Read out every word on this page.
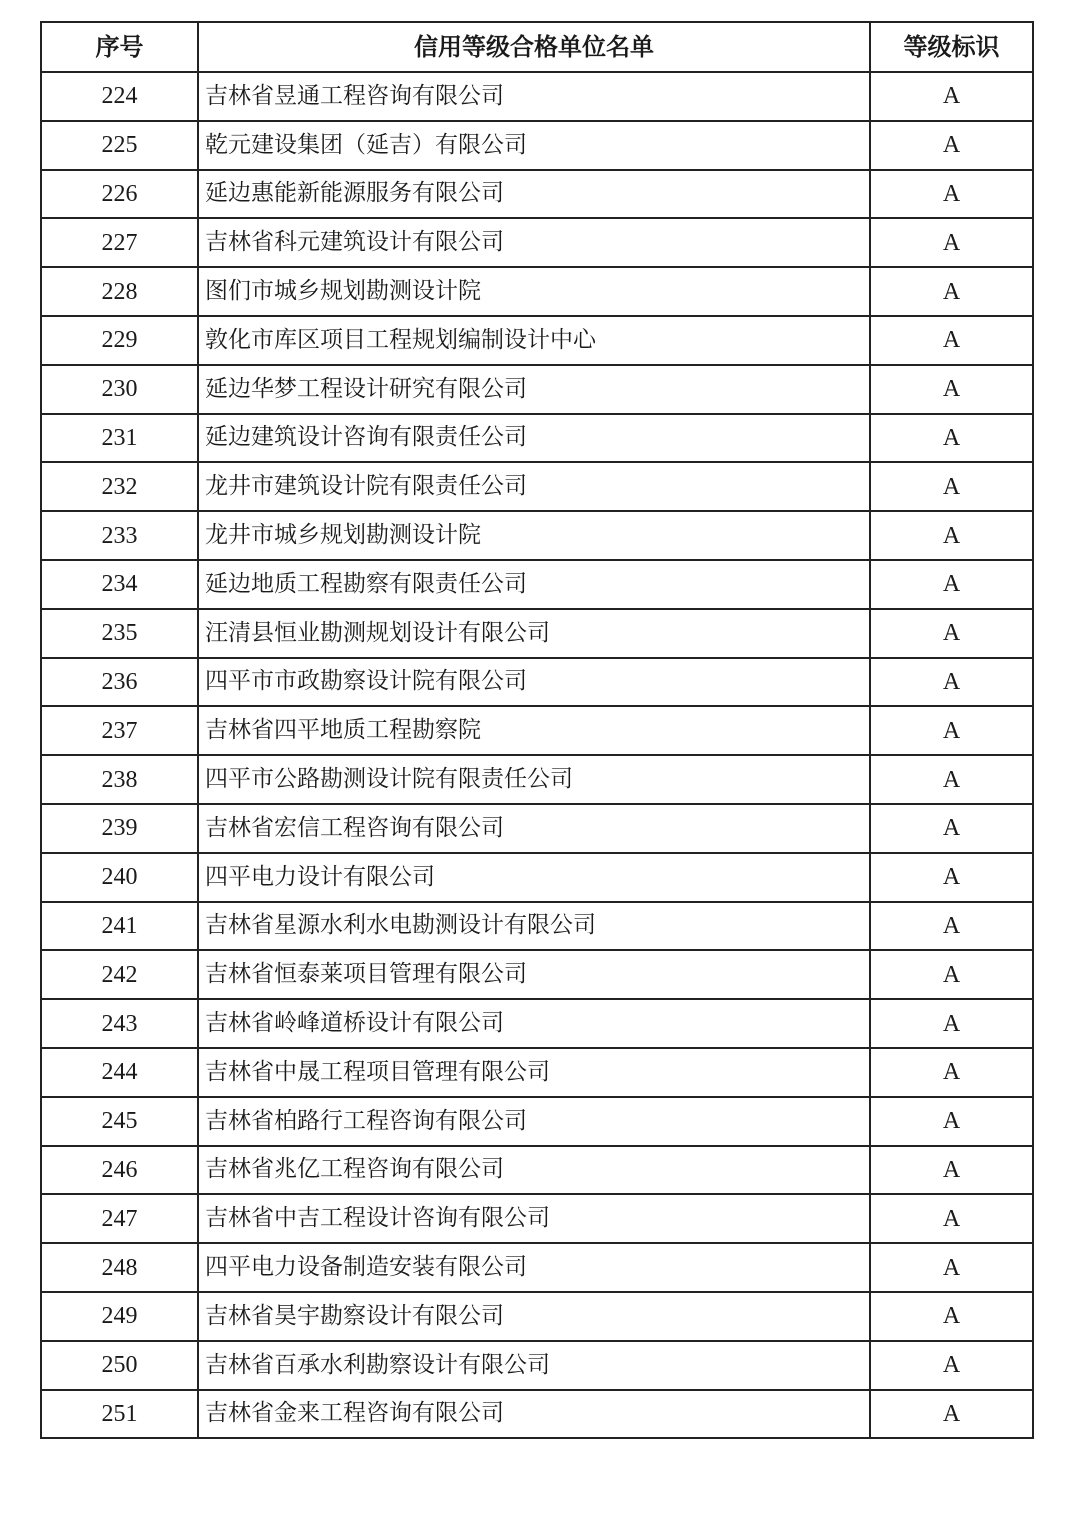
序号	信用等级合格单位名单	等级标识
224	吉林省昱通工程咨询有限公司	A
225	乾元建设集团（延吉）有限公司	A
226	延边惠能新能源服务有限公司	A
227	吉林省科元建筑设计有限公司	A
228	图们市城乡规划勘测设计院	A
229	敦化市库区项目工程规划编制设计中心	A
230	延边华梦工程设计研究有限公司	A
231	延边建筑设计咨询有限责任公司	A
232	龙井市建筑设计院有限责任公司	A
233	龙井市城乡规划勘测设计院	A
234	延边地质工程勘察有限责任公司	A
235	汪清县恒业勘测规划设计有限公司	A
236	四平市市政勘察设计院有限公司	A
237	吉林省四平地质工程勘察院	A
238	四平市公路勘测设计院有限责任公司	A
239	吉林省宏信工程咨询有限公司	A
240	四平电力设计有限公司	A
241	吉林省星源水利水电勘测设计有限公司	A
242	吉林省恒泰莱项目管理有限公司	A
243	吉林省岭峰道桥设计有限公司	A
244	吉林省中晟工程项目管理有限公司	A
245	吉林省柏路行工程咨询有限公司	A
246	吉林省兆亿工程咨询有限公司	A
247	吉林省中吉工程设计咨询有限公司	A
248	四平电力设备制造安装有限公司	A
249	吉林省昊宇勘察设计有限公司	A
250	吉林省百承水利勘察设计有限公司	A
251	吉林省金来工程咨询有限公司	A
